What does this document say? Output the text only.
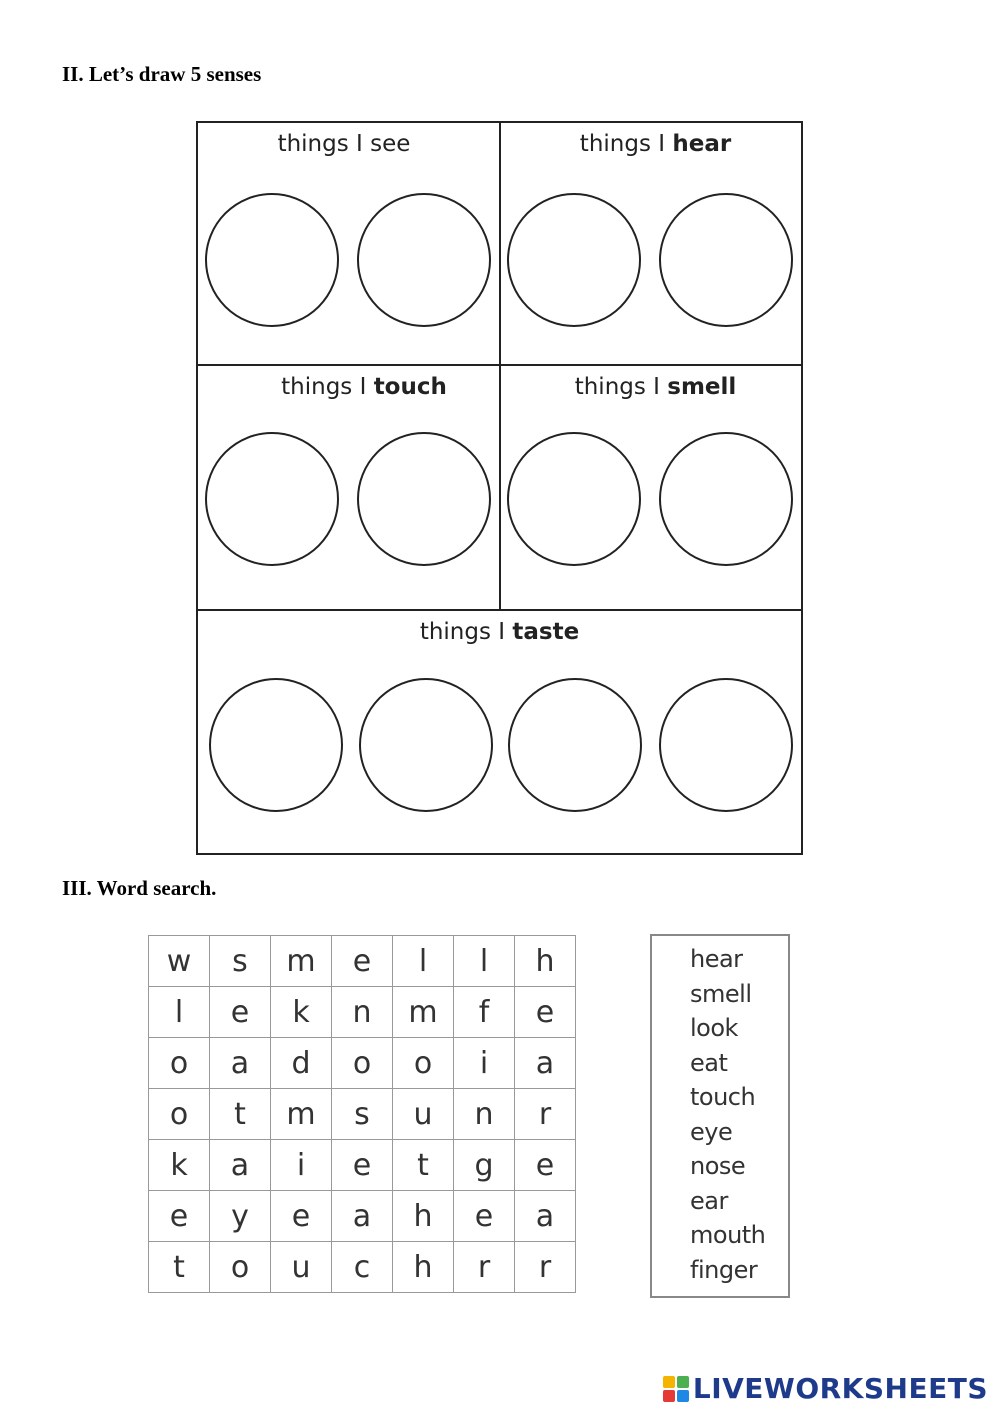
II. Let’s draw 5 senses
things I see	things I hear
things I touch	things I smell
things I taste
III. Word search.
w	s	m	e	l	l	h
l	e	k	n	m	f	e
o	a	d	o	o	i	a
o	t	m	s	u	n	r
k	a	i	e	t	g	e
e	y	e	a	h	e	a
t	o	u	c	h	r	r
hear
smell
look
eat
touch
eye
nose
ear
mouth
finger
LIVEWORKSHEETS
